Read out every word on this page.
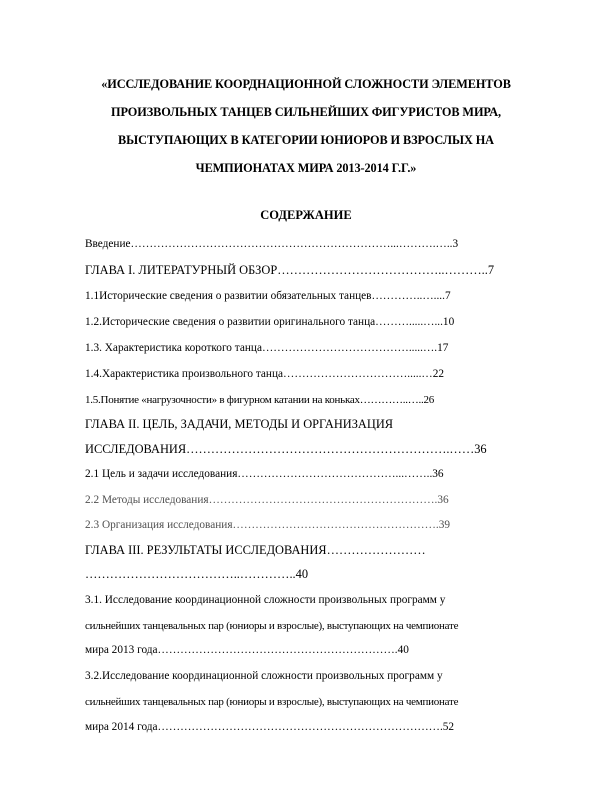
«ИССЛЕДОВАНИЕ КООРДНАЦИОННОЙ СЛОЖНОСТИ ЭЛЕМЕНТОВ
ПРОИЗВОЛЬНЫХ ТАНЦЕВ СИЛЬНЕЙШИХ ФИГУРИСТОВ МИРА,
ВЫСТУПАЮЩИХ В КАТЕГОРИИ ЮНИОРОВ И ВЗРОСЛЫХ НА
ЧЕМПИОНАТАХ МИРА 2013-2014 Г.Г.»
СОДЕРЖАНИЕ
Введение……………………………………………………………...……….…..3
ГЛАВА I. ЛИТЕРАТУРНЫЙ ОБЗОР…………………………………..………..7
1.1Исторические сведения о развитии обязательных танцев…………..…....7
1.2.Исторические сведения о развитии оригинального танца……….....…...10
1.3. Характеристика короткого танца………………………………….....….17
1.4.Характеристика произвольного танца…………………………….....…22
1.5.Понятие «нагрузочности» в фигурном катании на коньках…………..…..26
ГЛАВА II. ЦЕЛЬ, ЗАДАЧИ, МЕТОДЫ И ОРГАНИЗАЦИЯ
ИССЛЕДОВАНИЯ……………………………………………………….……36
2.1 Цель и задачи исследования……………………………………...……..36
2.2 Методы исследования…………………………………………………….36
2.3 Организация исследования……………………………………………….39
ГЛАВА III. РЕЗУЛЬТАТЫ ИССЛЕДОВАНИЯ……………………
………………………………..…………..40
3.1. Исследование координационной сложности произвольных программ у
сильнейших танцевальных пар (юниоры и взрослые), выступающих на чемпионате
мира 2013 года……………………………………………………….40
3.2.Исследование координационной сложности произвольных программ у
сильнейших танцевальных пар (юниоры и взрослые), выступающих на чемпионате
мира 2014 года………………………………………………………………….52
